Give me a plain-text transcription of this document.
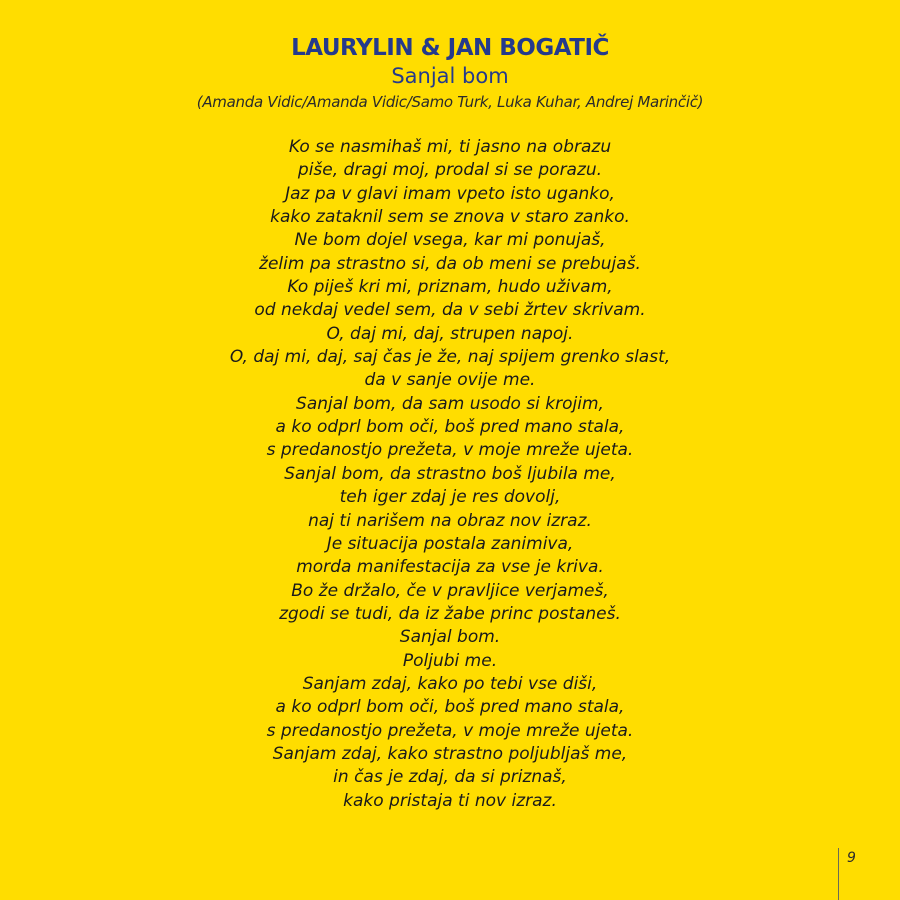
LAURYLIN & JAN BOGATIČ
Sanjal bom
(Amanda Vidic/Amanda Vidic/Samo Turk, Luka Kuhar, Andrej Marinčič)
Ko se nasmihaš mi, ti jasno na obrazu
piše, dragi moj, prodal si se porazu.
Jaz pa v glavi imam vpeto isto uganko,
kako zataknil sem se znova v staro zanko.
Ne bom dojel vsega, kar mi ponujaš,
želim pa strastno si, da ob meni se prebujaš.
Ko piješ kri mi, priznam, hudo uživam,
od nekdaj vedel sem, da v sebi žrtev skrivam.
O, daj mi, daj, strupen napoj.
O, daj mi, daj, saj čas je že, naj spijem grenko slast,
da v sanje ovije me.
Sanjal bom, da sam usodo si krojim,
a ko odprl bom oči, boš pred mano stala,
s predanostjo prežeta, v moje mreže ujeta.
Sanjal bom, da strastno boš ljubila me,
teh iger zdaj je res dovolj,
naj ti narišem na obraz nov izraz.
Je situacija postala zanimiva,
morda manifestacija za vse je kriva.
Bo že držalo, če v pravljice verjameš,
zgodi se tudi, da iz žabe princ postaneš.
Sanjal bom.
Poljubi me.
Sanjam zdaj, kako po tebi vse diši,
a ko odprl bom oči, boš pred mano stala,
s predanostjo prežeta, v moje mreže ujeta.
Sanjam zdaj, kako strastno poljubljaš me,
in čas je zdaj, da si priznaš,
kako pristaja ti nov izraz.
9
